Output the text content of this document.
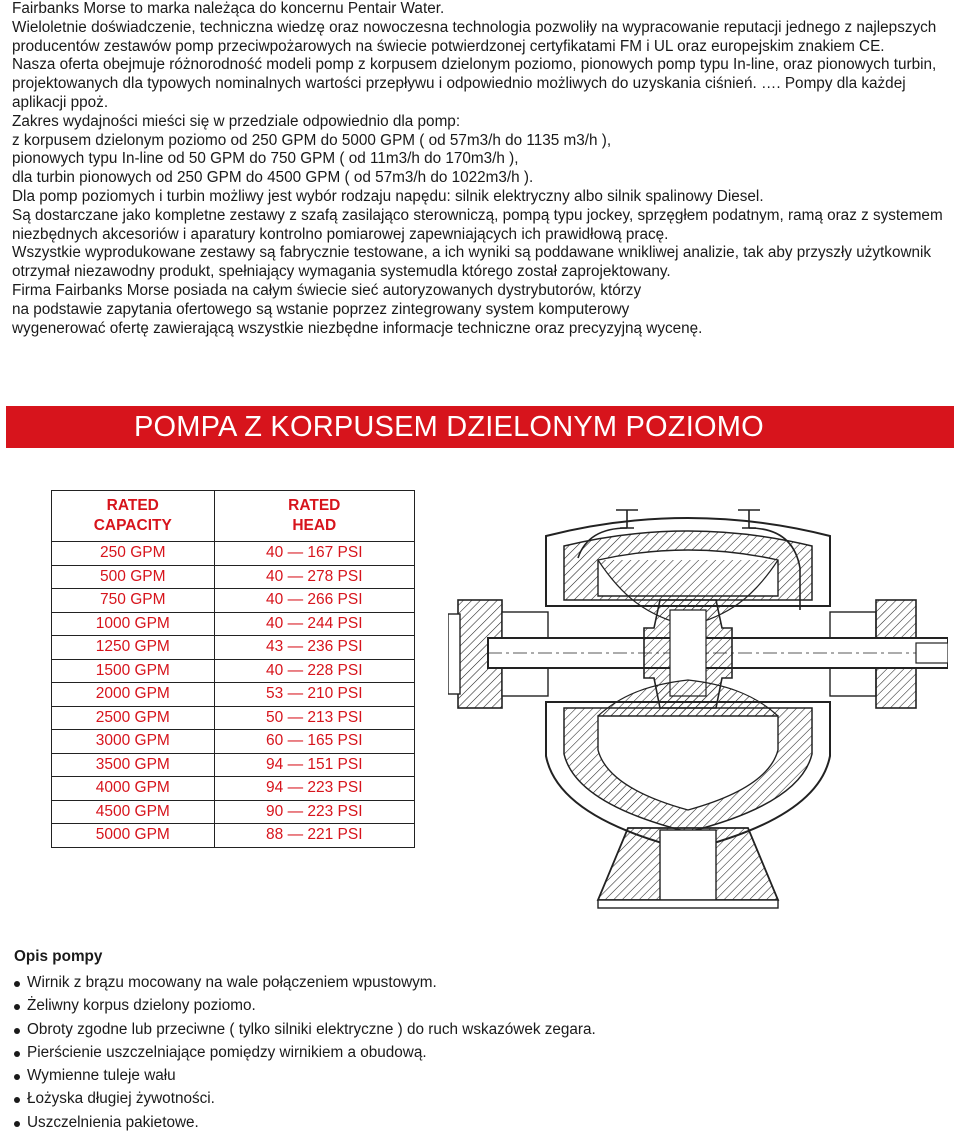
Fairbanks Morse to marka należąca do koncernu Pentair Water.

Wieloletnie doświadczenie, techniczna wiedzę oraz nowoczesna technologia pozwoliły na wypracowanie reputacji jednego z najlepszych producentów zestawów pomp przeciwpożarowych na świecie potwierdzonej certyfikatami FM i UL oraz europejskim znakiem CE.

Nasza oferta obejmuje różnorodność modeli pomp z korpusem dzielonym poziomo, pionowych pomp typu In-line, oraz pionowych turbin, projektowanych dla typowych nominalnych wartości przepływu i odpowiednio możliwych do uzyskania ciśnień. …. Pompy dla każdej aplikacji ppoż.

Zakres wydajności mieści się w przedziale odpowiednio dla pomp:

z korpusem dzielonym poziomo od 250 GPM do 5000 GPM ( od 57m3/h do 1135 m3/h ),

pionowych typu In-line od 50 GPM do 750 GPM ( od 11m3/h do 170m3/h ),

dla turbin pionowych od 250 GPM do 4500 GPM ( od 57m3/h do 1022m3/h ).

Dla pomp poziomych i turbin możliwy jest wybór rodzaju napędu: silnik elektryczny albo silnik spalinowy Diesel.

Są dostarczane jako kompletne zestawy z szafą zasilająco sterowniczą, pompą typu jockey, sprzęgłem podatnym, ramą oraz z systemem niezbędnych akcesoriów i aparatury kontrolno pomiarowej zapewniających ich prawidłową pracę.

Wszystkie wyprodukowane zestawy są fabrycznie testowane, a ich wyniki są poddawane wnikliwej analizie, tak aby przyszły użytkownik otrzymał niezawodny produkt, spełniający wymagania systemudla którego został zaprojektowany.

Firma Fairbanks Morse posiada na całym świecie sieć autoryzowanych dystrybutorów, którzy

na podstawie zapytania ofertowego są wstanie poprzez zintegrowany system komputerowy

wygenerować ofertę zawierającą wszystkie niezbędne informacje techniczne oraz precyzyjną wycenę.

POMPA Z KORPUSEM DZIELONYM POZIOMO
RATED
CAPACITY	RATED
HEAD
250 GPM	40 — 167 PSI
500 GPM	40 — 278 PSI
750 GPM	40 — 266 PSI
1000 GPM	40 — 244 PSI
1250 GPM	43 — 236 PSI
1500 GPM	40 — 228 PSI
2000 GPM	53 — 210 PSI
2500 GPM	50 — 213 PSI
3000 GPM	60 — 165 PSI
3500 GPM	94 — 151 PSI
4000 GPM	94 — 223 PSI
4500 GPM	90 — 223 PSI
5000 GPM	88 — 221 PSI

Opis pompy

Wirnik z brązu mocowany na wale połączeniem wpustowym.
Żeliwny korpus dzielony poziomo.
Obroty zgodne lub przeciwne ( tylko silniki elektryczne ) do ruch wskazówek zegara.
Pierścienie uszczelniające pomiędzy wirnikiem a obudową.
Wymienne tuleje wału
Łożyska długiej żywotności.
Uszczelnienia pakietowe.
